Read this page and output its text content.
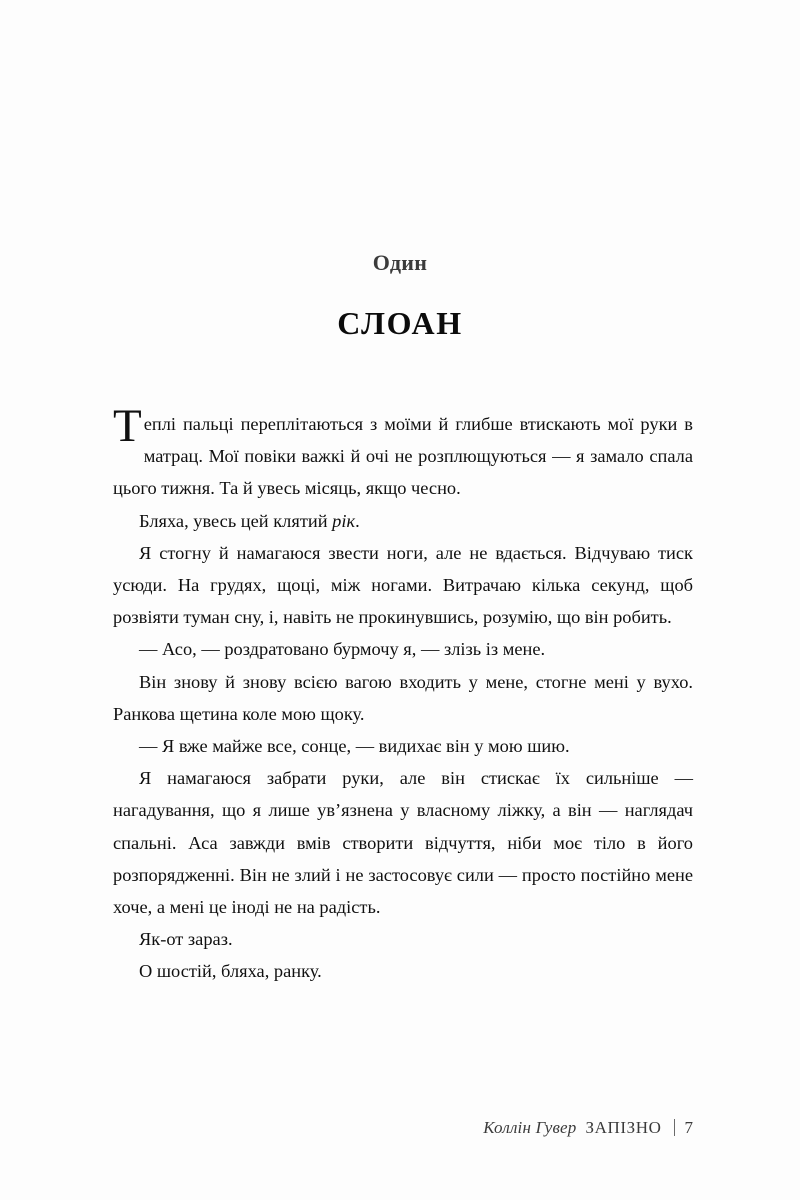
Один
СЛОАН

Теплі пальці переплітаються з моїми й глибше втискають мої руки в матрац. Мої повіки важкі й очі не розплющуються — я замало спала цього тижня. Та й увесь місяць, якщо чесно.

Бляха, увесь цей клятий рік.

Я стогну й намагаюся звести ноги, але не вдається. Відчуваю тиск усюди. На грудях, щоці, між ногами. Витрачаю кілька секунд, щоб розвіяти туман сну, і, навіть не прокинувшись, розумію, що він робить.

— Асо, — роздратовано бурмочу я, — злізь із мене.

Він знову й знову всією вагою входить у мене, стогне мені у вухо. Ранкова щетина коле мою щоку.

— Я вже майже все, сонце, — видихає він у мою шию.

Я намагаюся забрати руки, але він стискає їх сильніше — нагадування, що я лише ув’язнена у власному ліжку, а він — наглядач спальні. Аса завжди вмів створити відчуття, ніби моє тіло в його розпорядженні. Він не злий і не застосовує сили — просто постійно мене хоче, а мені це іноді не на радість.

Як-от зараз.

О шостій, бляха, ранку.

Коллін Гувер ЗАПІЗНО 7
